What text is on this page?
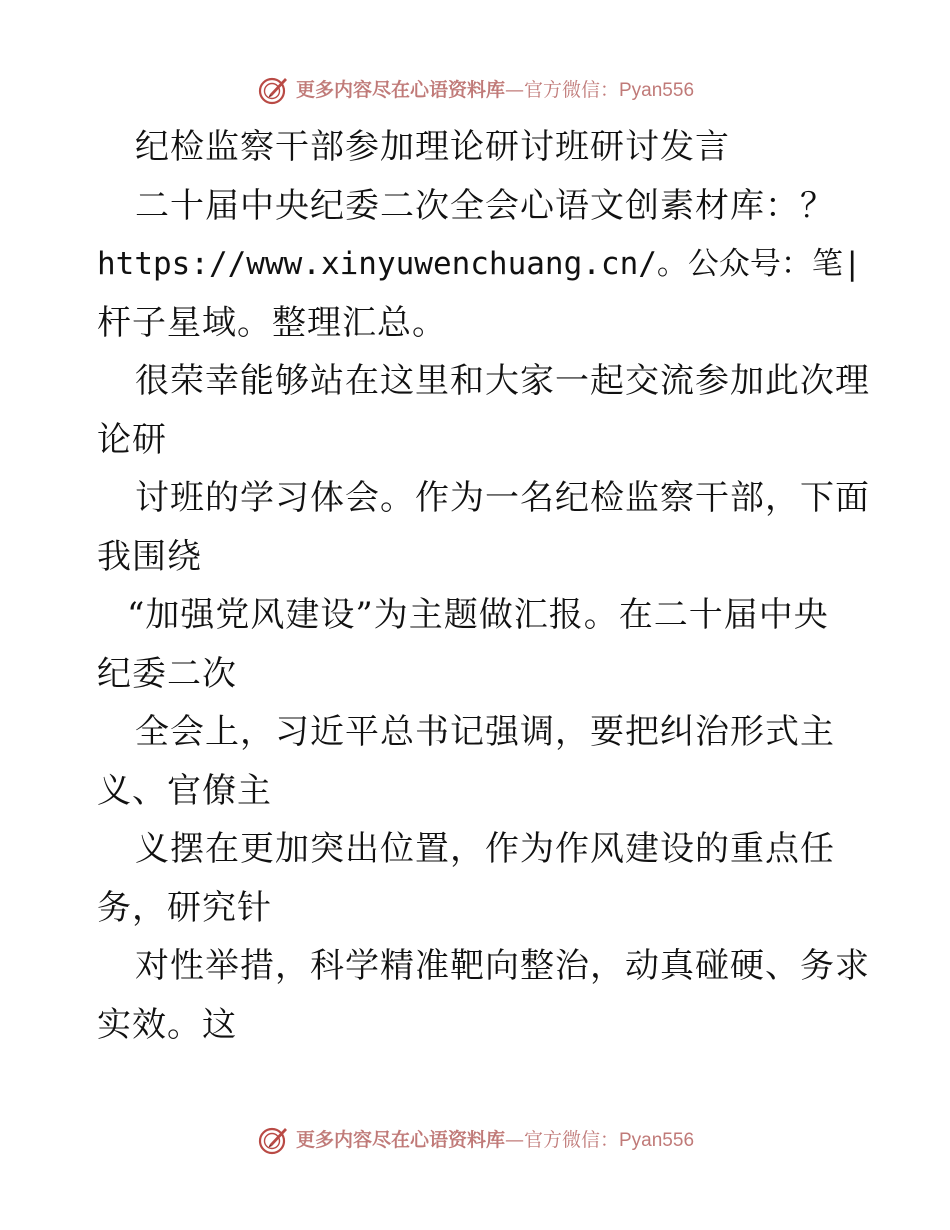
更多内容尽在心语资料库 — 官方微信： Pyan556
纪检监察干部参加理论研讨班研讨发言
二十届中央纪委二次全会心语文创素材库：？
https://www.xinyuwenchuang.cn/。公众号：笔|
杆子星域。整理汇总。
很荣幸能够站在这里和大家一起交流参加此次理
论研
讨班的学习体会。作为一名纪检监察干部，下面
我围绕
“加强党风建设”为主题做汇报。在二十届中央
纪委二次
全会上，习近平总书记强调，要把纠治形式主
义、官僚主
义摆在更加突出位置，作为作风建设的重点任
务，研究针
对性举措，科学精准靶向整治，动真碰硬、务求
实效。这
更多内容尽在心语资料库 — 官方微信： Pyan556
